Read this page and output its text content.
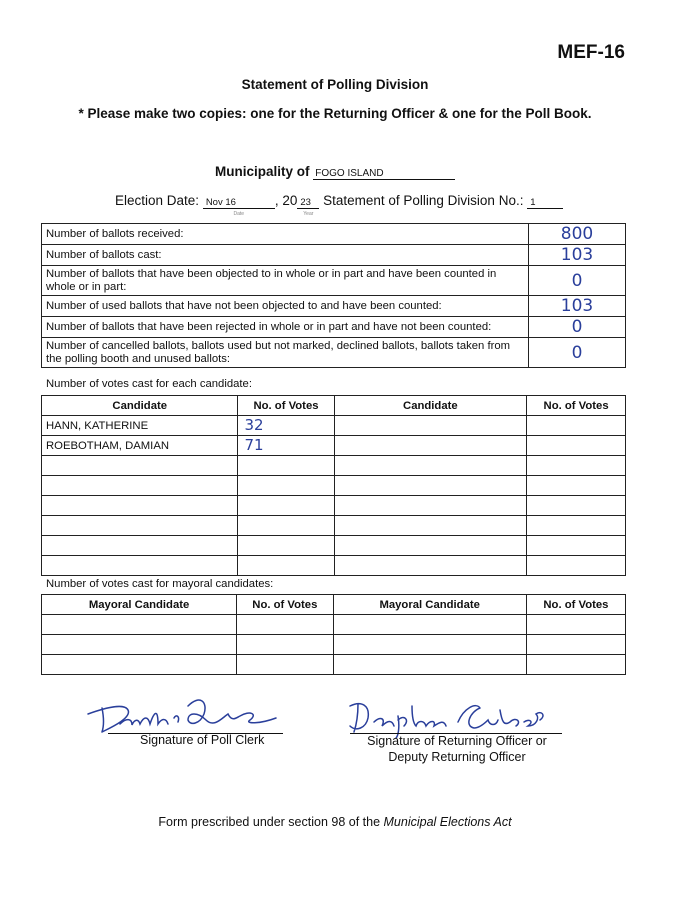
MEF-16
Statement of Polling Division
* Please make two copies: one for the Returning Officer & one for the Poll Book.
Municipality of FOGO ISLAND
Election Date: Nov 16
Date
, 20 23
Year
Statement of Polling Division No.: 1
Number of ballots received:	800
Number of ballots cast:	103
Number of ballots that have been objected to in whole or in part and have been counted in whole or in part:	0
Number of used ballots that have not been objected to and have been counted:	103
Number of ballots that have been rejected in whole or in part and have not been counted:	0
Number of cancelled ballots, ballots used but not marked, declined ballots, ballots taken from the polling booth and unused ballots:	0
Number of votes cast for each candidate:
Candidate	No. of Votes	Candidate	No. of Votes
HANN, KATHERINE	32		
ROEBOTHAM, DAMIAN	71		

Number of votes cast for mayoral candidates:
Mayoral Candidate	No. of Votes	Mayoral Candidate	No. of Votes

Signature of Poll Clerk	Signature of Returning Officer or
Deputy Returning Officer
Form prescribed under section 98 of the Municipal Elections Act
